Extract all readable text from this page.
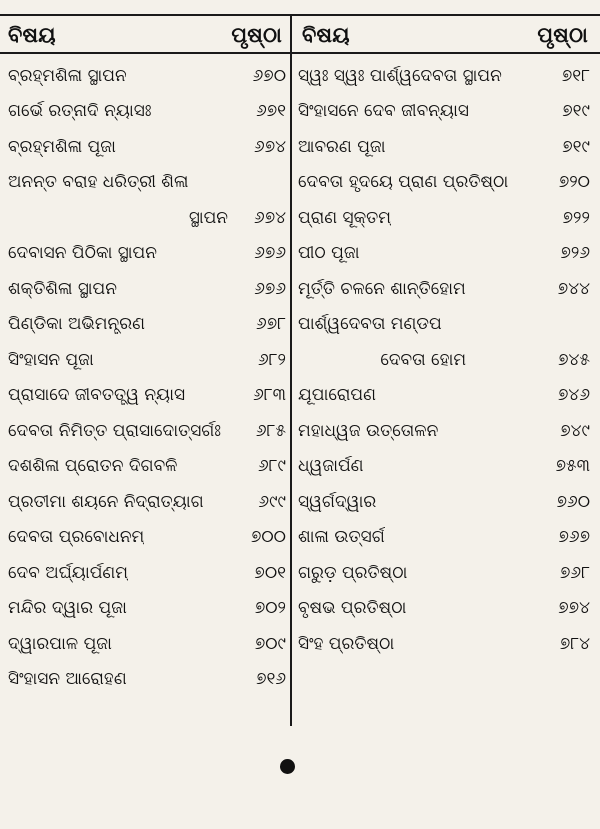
ବିଷୟ	ପୃଷ୍ଠା ବିଷୟ	ପୃଷ୍ଠା
ବ୍ରହ୍ମଶିଳା ସ୍ଥାପନ	୬୭୦
ଗର୍ଭେ ରତ୍ନାଦି ନ୍ୟାସଃ	୬୭୧
ବ୍ରହ୍ମଶିଳା ପୂଜା	୬୭୪
ଅନନ୍ତ ବରାହ ଧରିତ୍ରୀ ଶିଳା
ସ୍ଥାପନ ୬୭୪
ଦେବାସନ ପିଠିକା ସ୍ଥାପନ	୬୭୬
ଶକ୍ତିଶିଳା ସ୍ଥାପନ	୬୭୬
ପିଣ୍ଡିକା ଅଭିମନ୍ତ୍ରଣ	୬୭୮
ସିଂହାସନ ପୂଜା	୬୮୨
ପ୍ରାସାଦେ ଜୀବତତ୍ତ୍ୱ ନ୍ୟାସ	୬୮୩
ଦେବତା ନିମିତ୍ତ ପ୍ରାସାଦୋତ୍ସର୍ଗଃ ୬୮୫
ଦଶଶିଳା ପ୍ରୋତନ ଦିଗବଳି	୬୮୯
ପ୍ରତୀମା ଶୟନେ ନିଦ୍ରାତ୍ୟାଗ	୬୯୯
ଦେବତା ପ୍ରବୋଧନମ୍	୭୦୦
ଦେବ ଅର୍ଘ୍ୟାର୍ପଣମ୍	୭୦୧
ମନ୍ଦିର ଦ୍ୱାର ପୂଜା	୭୦୨
ଦ୍ୱାରପାଳ ପୂଜା	୭୦୯
ସିଂହାସନ ଆରୋହଣ	୭୧୬
ସ୍ୱଃ ସ୍ୱଃ ପାର୍ଶ୍ୱଦେବତା ସ୍ଥାପନ	୭୧୮
ସିଂହାସନେ ଦେବ ଜୀବନ୍ୟାସ	୭୧୯
ଆବରଣ ପୂଜା	୭୧୯
ଦେବତା ହୃଦୟେ ପ୍ରାଣ ପ୍ରତିଷ୍ଠା	୭୨୦
ପ୍ରାଣ ସୂକ୍ତମ୍	୭୨୨
ପୀଠ ପୂଜା	୭୨୬
ମୂର୍ତ୍ତି ଚଳନେ ଶାନ୍ତିହୋମ	୭୪୪
ପାର୍ଶ୍ୱଦେବତା ମଣ୍ଡପ
ଦେବତା ହୋମ	୭୪୫
ଯୂପାରୋପଣ	୭୪୬
ମହାଧ୍ୱଜ ଉତ୍ତୋଳନ	୭୪୯
ଧ୍ୱଜାର୍ପଣ	୭୫୩
ସ୍ୱର୍ଗଦ୍ୱାର	୭୬୦
ଶାଳା ଉତ୍ସର୍ଗ	୭୬୭
ଗରୁଡ଼ ପ୍ରତିଷ୍ଠା	୭୬୮
ବୃଷଭ ପ୍ରତିଷ୍ଠା	୭୭୪
ସିଂହ ପ୍ରତିଷ୍ଠା	୭୮୪
